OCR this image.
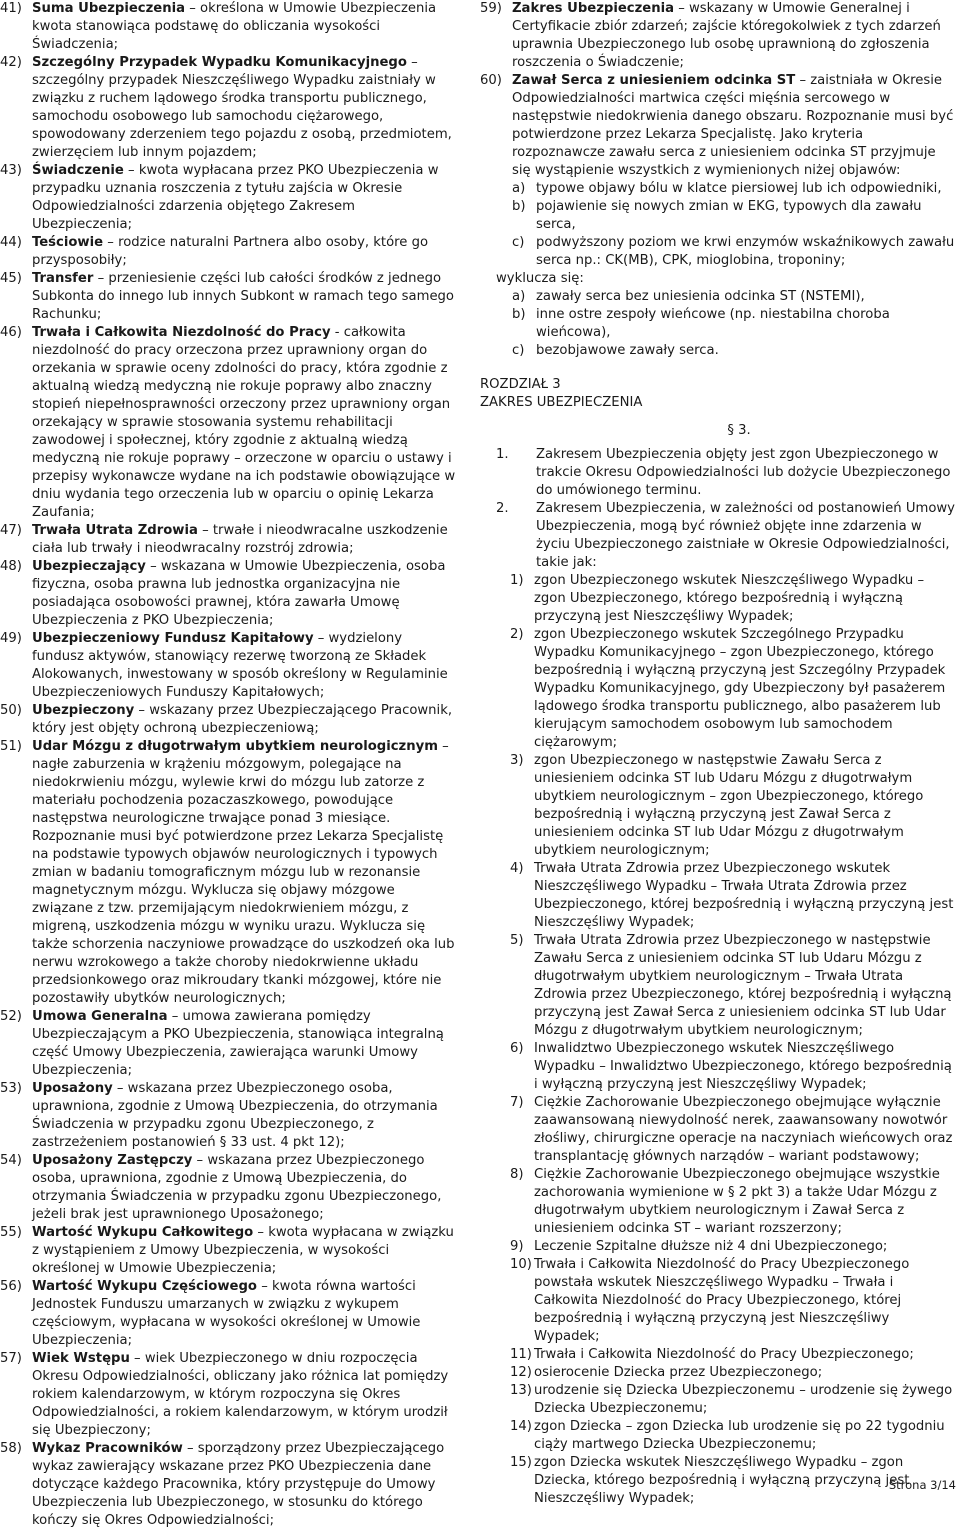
41) Suma Ubezpieczenia – określona w Umowie Ubezpieczenia kwota stanowiąca podstawę do obliczania wysokości Świadczenia;
42) Szczególny Przypadek Wypadku Komunikacyjnego – szczególny przypadek Nieszczęśliwego Wypadku zaistniały w związku z ruchem lądowego środka transportu publicznego, samochodu osobowego lub samochodu ciężarowego, spowodowany zderzeniem tego pojazdu z osobą, przedmiotem, zwierzęciem lub innym pojazdem;
43) Świadczenie – kwota wypłacana przez PKO Ubezpieczenia w przypadku uznania roszczenia z tytułu zajścia w Okresie Odpowiedzialności zdarzenia objętego Zakresem Ubezpieczenia;
44) Teściowie – rodzice naturalni Partnera albo osoby, które go przysposobiły;
45) Transfer – przeniesienie części lub całości środków z jednego Subkonta do innego lub innych Subkont w ramach tego samego Rachunku;
46) Trwała i Całkowita Niezdolność do Pracy - całkowita niezdolność do pracy orzeczona przez uprawniony organ do orzekania w sprawie oceny zdolności do pracy, która zgodnie z aktualną wiedzą medyczną nie rokuje poprawy albo znaczny stopień niepełnosprawności orzeczony przez uprawniony organ orzekający w sprawie stosowania systemu rehabilitacji zawodowej i społecznej, który zgodnie z aktualną wiedzą medyczną nie rokuje poprawy – orzeczone w oparciu o ustawy i przepisy wykonawcze wydane na ich podstawie obowiązujące w dniu wydania tego orzeczenia lub w oparciu o opinię Lekarza Zaufania;
47) Trwała Utrata Zdrowia – trwałe i nieodwracalne uszkodzenie ciała lub trwały i nieodwracalny rozstrój zdrowia;
48) Ubezpieczający – wskazana w Umowie Ubezpieczenia, osoba fizyczna, osoba prawna lub jednostka organizacyjna nie posiadająca osobowości prawnej, która zawarła Umowę Ubezpieczenia z PKO Ubezpieczenia;
49) Ubezpieczeniowy Fundusz Kapitałowy – wydzielony fundusz aktywów, stanowiący rezerwę tworzoną ze Składek Alokowanych, inwestowany w sposób określony w Regulaminie Ubezpieczeniowych Funduszy Kapitałowych;
50) Ubezpieczony – wskazany przez Ubezpieczającego Pracownik, który jest objęty ochroną ubezpieczeniową;
51) Udar Mózgu z długotrwałym ubytkiem neurologicznym – nagłe zaburzenia w krążeniu mózgowym, polegające na niedokrwieniu mózgu, wylewie krwi do mózgu lub zatorze z materiału pochodzenia pozaczaszkowego, powodujące następstwa neurologiczne trwające ponad 3 miesiące.
Rozpoznanie musi być potwierdzone przez Lekarza Specjalistę na podstawie typowych objawów neurologicznych i typowych zmian w badaniu tomograficznym mózgu lub w rezonansie magnetycznym mózgu. Wyklucza się objawy mózgowe związane z tzw. przemijającym niedokrwieniem mózgu, z migreną, uszkodzenia mózgu w wyniku urazu. Wyklucza się także schorzenia naczyniowe prowadzące do uszkodzeń oka lub nerwu wzrokowego a także choroby niedokrwienne układu przedsionkowego oraz mikroudary tkanki mózgowej, które nie pozostawiły ubytków neurologicznych;
52) Umowa Generalna – umowa zawierana pomiędzy Ubezpieczającym a PKO Ubezpieczenia, stanowiąca integralną część Umowy Ubezpieczenia, zawierająca warunki Umowy Ubezpieczenia;
53) Uposażony – wskazana przez Ubezpieczonego osoba, uprawniona, zgodnie z Umową Ubezpieczenia, do otrzymania Świadczenia w przypadku zgonu Ubezpieczonego, z zastrzeżeniem postanowień § 33 ust. 4 pkt 12);
54) Uposażony Zastępczy – wskazana przez Ubezpieczonego osoba, uprawniona, zgodnie z Umową Ubezpieczenia, do otrzymania Świadczenia w przypadku zgonu Ubezpieczonego, jeżeli brak jest uprawnionego Uposażonego;
55) Wartość Wykupu Całkowitego – kwota wypłacana w związku z wystąpieniem z Umowy Ubezpieczenia, w wysokości określonej w Umowie Ubezpieczenia;
56) Wartość Wykupu Częściowego – kwota równa wartości Jednostek Funduszu umarzanych w związku z wykupem częściowym, wypłacana w wysokości określonej w Umowie Ubezpieczenia;
57) Wiek Wstępu – wiek Ubezpieczonego w dniu rozpoczęcia Okresu Odpowiedzialności, obliczany jako różnica lat pomiędzy rokiem kalendarzowym, w którym rozpoczyna się Okres Odpowiedzialności, a rokiem kalendarzowym, w którym urodził się Ubezpieczony;
58) Wykaz Pracowników – sporządzony przez Ubezpieczającego wykaz zawierający wskazane przez PKO Ubezpieczenia dane dotyczące każdego Pracownika, który przystępuje do Umowy Ubezpieczenia lub Ubezpieczonego, w stosunku do którego kończy się Okres Odpowiedzialności;
59) Zakres Ubezpieczenia – wskazany w Umowie Generalnej i Certyfikacie zbiór zdarzeń; zajście któregokolwiek z tych zdarzeń uprawnia Ubezpieczonego lub osobę uprawnioną do zgłoszenia roszczenia o Świadczenie;
60) Zawał Serca z uniesieniem odcinka ST – zaistniała w Okresie Odpowiedzialności martwica części mięśnia sercowego w następstwie niedokrwienia danego obszaru. Rozpoznanie musi być potwierdzone przez Lekarza Specjalistę. Jako kryteria rozpoznawcze zawału serca z uniesieniem odcinka ST przyjmuje się wystąpienie wszystkich z wymienionych niżej objawów:
a) typowe objawy bólu w klatce piersiowej lub ich odpowiedniki,
b) pojawienie się nowych zmian w EKG, typowych dla zawału serca,
c) podwyższony poziom we krwi enzymów wskaźnikowych zawału serca np.: CK(MB), CPK, mioglobina, troponiny;
wyklucza się:
a) zawały serca bez uniesienia odcinka ST (NSTEMI),
b) inne ostre zespoły wieńcowe (np. niestabilna choroba wieńcowa),
c) bezobjawowe zawały serca.
ROZDZIAŁ 3
ZAKRES UBEZPIECZENIA
§ 3.
1. Zakresem Ubezpieczenia objęty jest zgon Ubezpieczonego w trakcie Okresu Odpowiedzialności lub dożycie Ubezpieczonego do umówionego terminu.
2. Zakresem Ubezpieczenia, w zależności od postanowień Umowy Ubezpieczenia, mogą być również objęte inne zdarzenia w życiu Ubezpieczonego zaistniałe w Okresie Odpowiedzialności, takie jak:
1) zgon Ubezpieczonego wskutek Nieszczęśliwego Wypadku – zgon Ubezpieczonego, którego bezpośrednią i wyłączną przyczyną jest Nieszczęśliwy Wypadek;
2) zgon Ubezpieczonego wskutek Szczególnego Przypadku Wypadku Komunikacyjnego – zgon Ubezpieczonego, którego bezpośrednią i wyłączną przyczyną jest Szczególny Przypadek Wypadku Komunikacyjnego, gdy Ubezpieczony był pasażerem lądowego środka transportu publicznego, albo pasażerem lub kierującym samochodem osobowym lub samochodem ciężarowym;
3) zgon Ubezpieczonego w następstwie Zawału Serca z uniesieniem odcinka ST lub Udaru Mózgu z długotrwałym ubytkiem neurologicznym – zgon Ubezpieczonego, którego bezpośrednią i wyłączną przyczyną jest Zawał Serca z uniesieniem odcinka ST lub Udar Mózgu z długotrwałym ubytkiem neurologicznym;
4) Trwała Utrata Zdrowia przez Ubezpieczonego wskutek Nieszczęśliwego Wypadku – Trwała Utrata Zdrowia przez Ubezpieczonego, której bezpośrednią i wyłączną przyczyną jest Nieszczęśliwy Wypadek;
5) Trwała Utrata Zdrowia przez Ubezpieczonego w następstwie Zawału Serca z uniesieniem odcinka ST lub Udaru Mózgu z długotrwałym ubytkiem neurologicznym – Trwała Utrata Zdrowia przez Ubezpieczonego, której bezpośrednią i wyłączną przyczyną jest Zawał Serca z uniesieniem odcinka ST lub Udar Mózgu z długotrwałym ubytkiem neurologicznym;
6) Inwalidztwo Ubezpieczonego wskutek Nieszczęśliwego Wypadku – Inwalidztwo Ubezpieczonego, którego bezpośrednią i wyłączną przyczyną jest Nieszczęśliwy Wypadek;
7) Ciężkie Zachorowanie Ubezpieczonego obejmujące wyłącznie zaawansowaną niewydolność nerek, zaawansowany nowotwór złośliwy, chirurgiczne operacje na naczyniach wieńcowych oraz transplantację głównych narządów – wariant podstawowy;
8) Ciężkie Zachorowanie Ubezpieczonego obejmujące wszystkie zachorowania wymienione w § 2 pkt 3) a także Udar Mózgu z długotrwałym ubytkiem neurologicznym i Zawał Serca z uniesieniem odcinka ST – wariant rozszerzony;
9) Leczenie Szpitalne dłuższe niż 4 dni Ubezpieczonego;
10) Trwała i Całkowita Niezdolność do Pracy Ubezpieczonego powstała wskutek Nieszczęśliwego Wypadku – Trwała i Całkowita Niezdolność do Pracy Ubezpieczonego, której bezpośrednią i wyłączną przyczyną jest Nieszczęśliwy Wypadek;
11) Trwała i Całkowita Niezdolność do Pracy Ubezpieczonego;
12) osierocenie Dziecka przez Ubezpieczonego;
13) urodzenie się Dziecka Ubezpieczonemu – urodzenie się żywego Dziecka Ubezpieczonemu;
14) zgon Dziecka – zgon Dziecka lub urodzenie się po 22 tygodniu ciąży martwego Dziecka Ubezpieczonemu;
15) zgon Dziecka wskutek Nieszczęśliwego Wypadku – zgon Dziecka, którego bezpośrednią i wyłączną przyczyną jest Nieszczęśliwy Wypadek;
Strona 3/14
